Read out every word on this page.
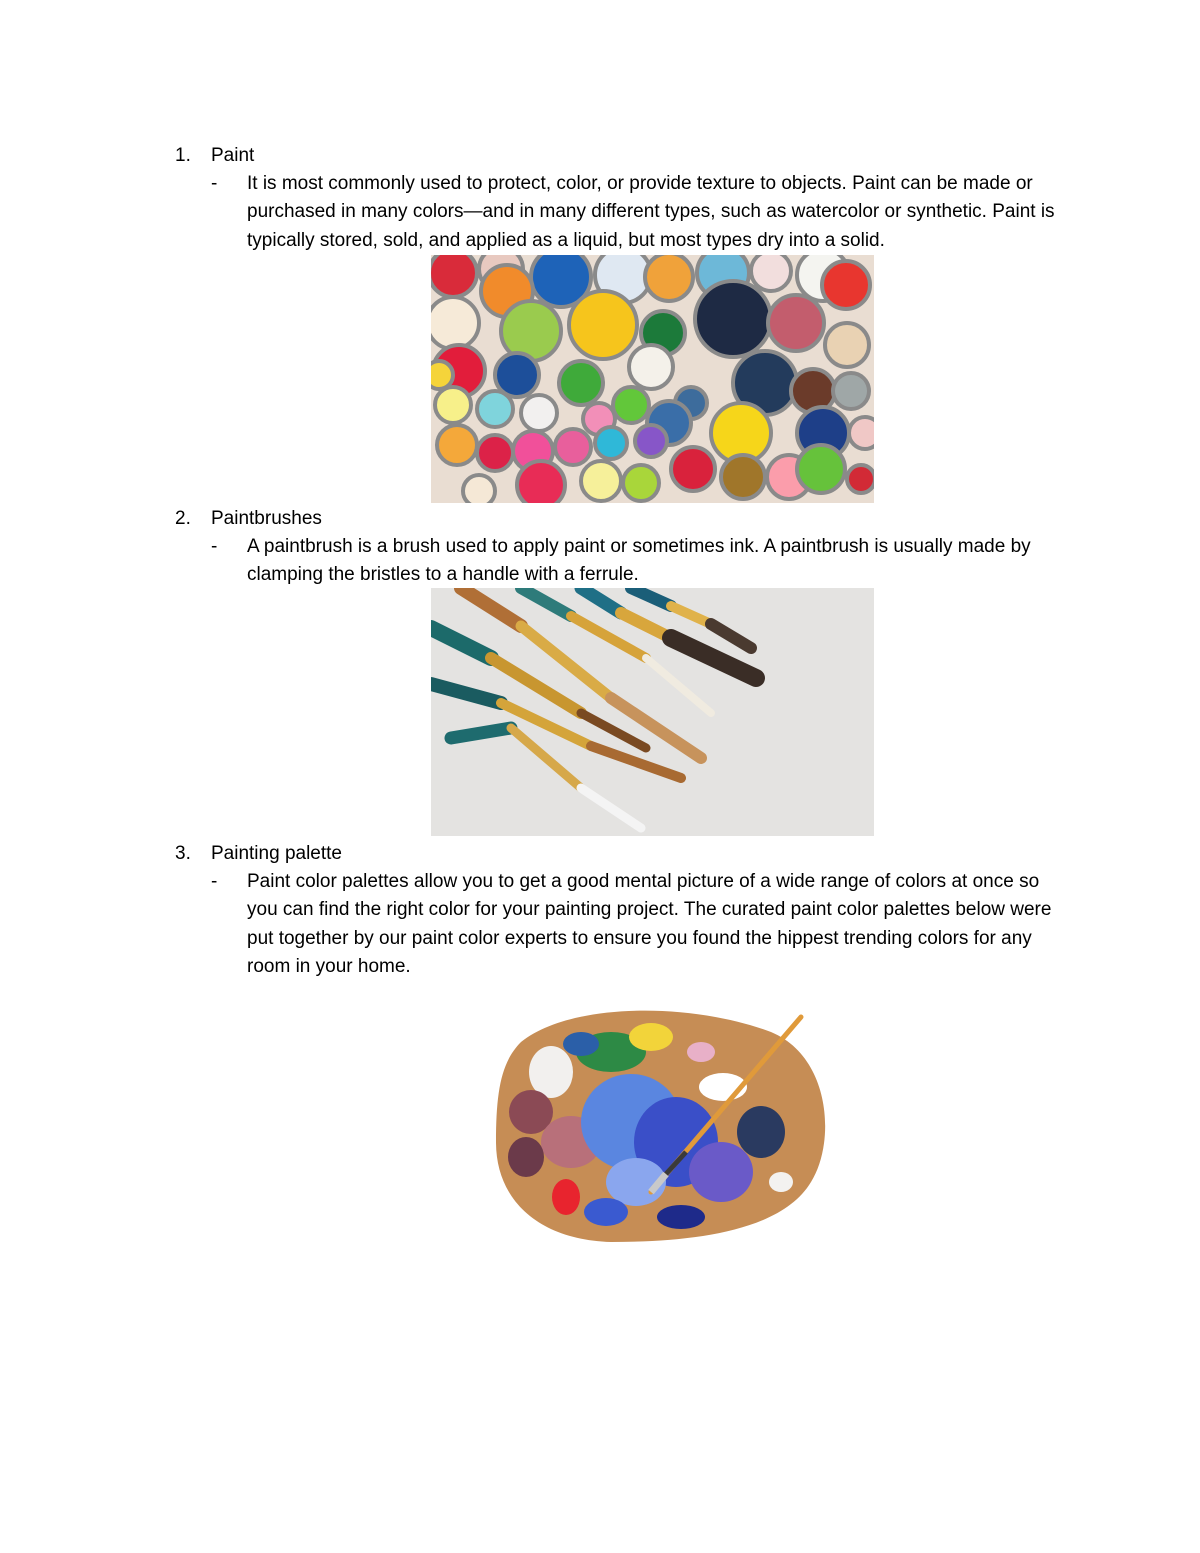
1. Paint
- It is most commonly used to protect, color, or provide texture to objects. Paint can be made or purchased in many colors—and in many different types, such as watercolor or synthetic. Paint is typically stored, sold, and applied as a liquid, but most types dry into a solid.
2. Paintbrushes
- A paintbrush is a brush used to apply paint or sometimes ink. A paintbrush is usually made by clamping the bristles to a handle with a ferrule.
3. Painting palette
- Paint color palettes allow you to get a good mental picture of a wide range of colors at once so you can find the right color for your painting project. The curated paint color palettes below were put together by our paint color experts to ensure you found the hippest trending colors for any room in your home.
